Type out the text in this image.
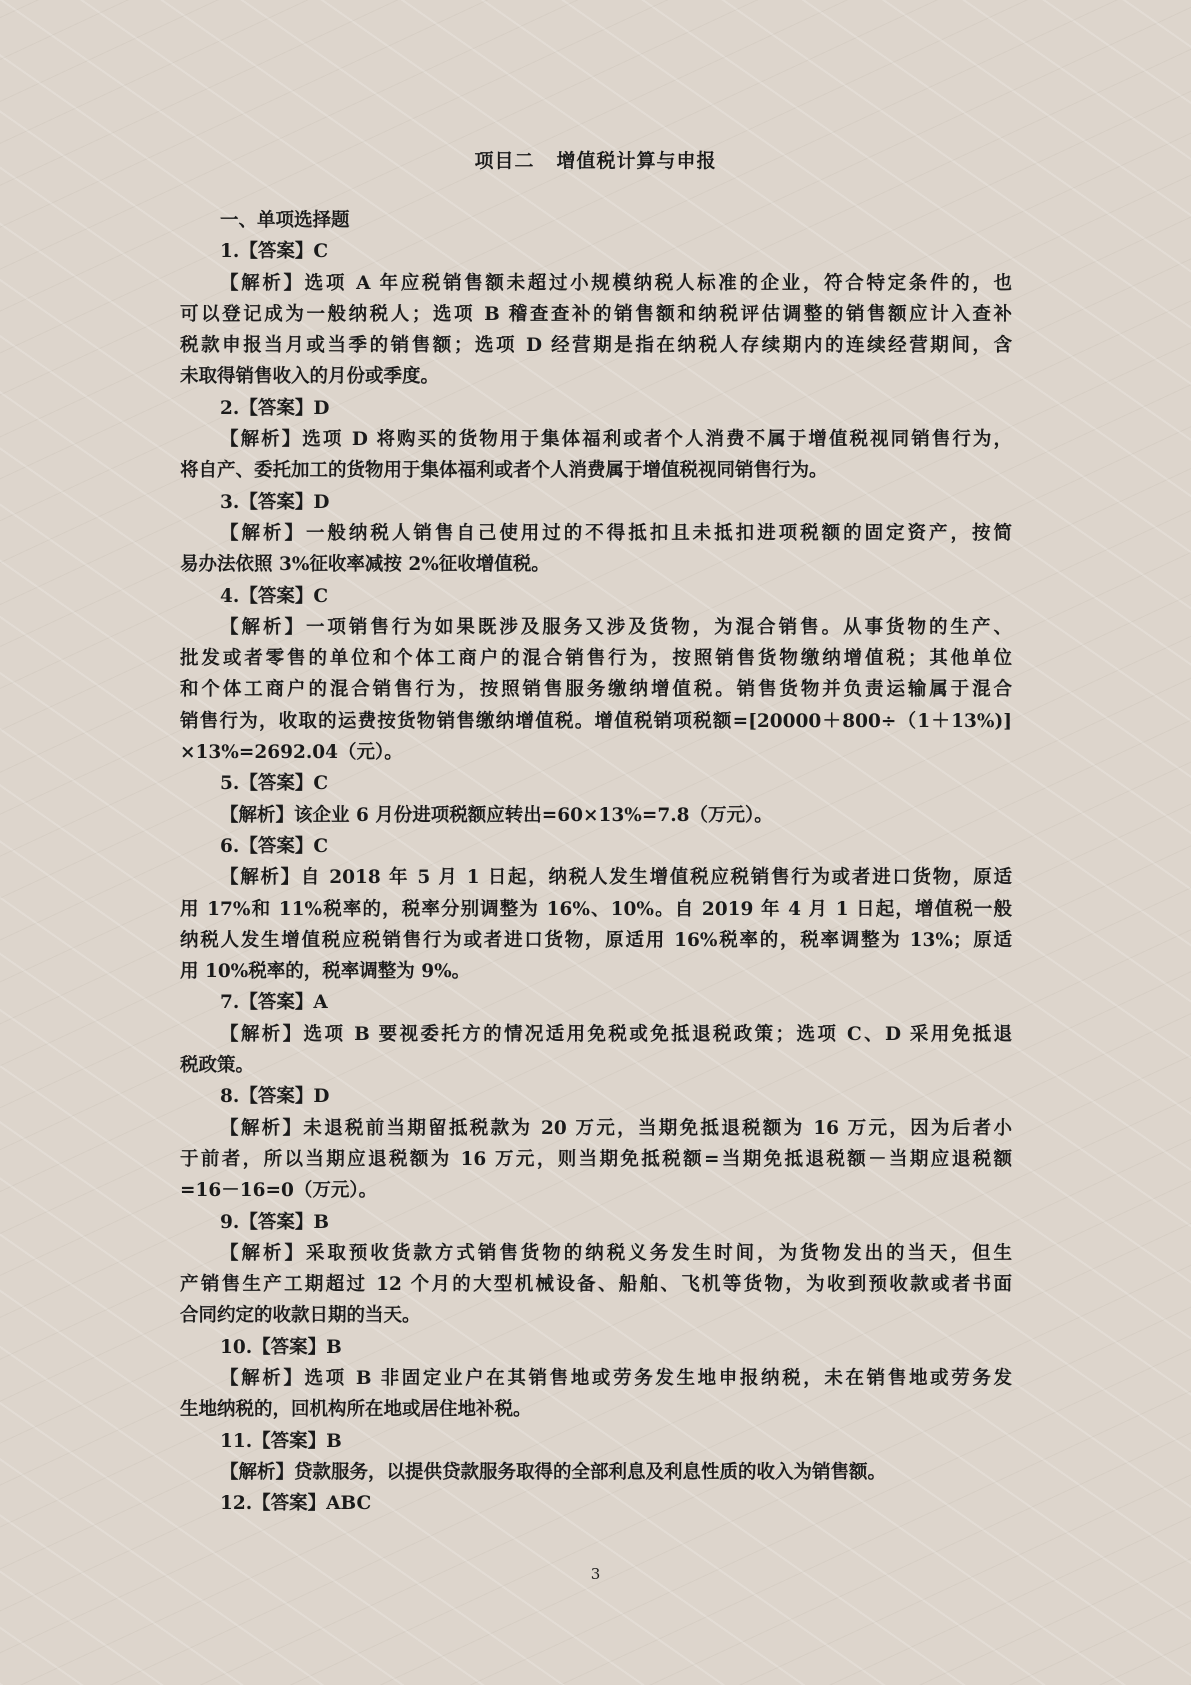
项目二 增值税计算与申报
一、单项选择题
1.【答案】C
【解析】选项 A 年应税销售额未超过小规模纳税人标准的企业，符合特定条件的，也
可以登记成为一般纳税人；选项 B 稽查查补的销售额和纳税评估调整的销售额应计入查补
税款申报当月或当季的销售额；选项 D 经营期是指在纳税人存续期内的连续经营期间，含
未取得销售收入的月份或季度。
2.【答案】D
【解析】选项 D 将购买的货物用于集体福利或者个人消费不属于增值税视同销售行为，
将自产、委托加工的货物用于集体福利或者个人消费属于增值税视同销售行为。
3.【答案】D
【解析】一般纳税人销售自己使用过的不得抵扣且未抵扣进项税额的固定资产，按简
易办法依照 3%征收率减按 2%征收增值税。
4.【答案】C
【解析】一项销售行为如果既涉及服务又涉及货物，为混合销售。从事货物的生产、
批发或者零售的单位和个体工商户的混合销售行为，按照销售货物缴纳增值税；其他单位
和个体工商户的混合销售行为，按照销售服务缴纳增值税。销售货物并负责运输属于混合
销售行为，收取的运费按货物销售缴纳增值税。增值税销项税额=[20000＋800÷（1＋13%)]
×13%=2692.04（元）。
5.【答案】C
【解析】该企业 6 月份进项税额应转出=60×13%=7.8（万元）。
6.【答案】C
【解析】自 2018 年 5 月 1 日起，纳税人发生增值税应税销售行为或者进口货物，原适
用 17%和 11%税率的，税率分别调整为 16%、10%。自 2019 年 4 月 1 日起，增值税一般
纳税人发生增值税应税销售行为或者进口货物，原适用 16%税率的，税率调整为 13%；原适
用 10%税率的，税率调整为 9%。
7.【答案】A
【解析】选项 B 要视委托方的情况适用免税或免抵退税政策；选项 C、D 采用免抵退
税政策。
8.【答案】D
【解析】未退税前当期留抵税款为 20 万元，当期免抵退税额为 16 万元，因为后者小
于前者，所以当期应退税额为 16 万元，则当期免抵税额=当期免抵退税额－当期应退税额
=16－16=0（万元）。
9.【答案】B
【解析】采取预收货款方式销售货物的纳税义务发生时间，为货物发出的当天，但生
产销售生产工期超过 12 个月的大型机械设备、船舶、飞机等货物，为收到预收款或者书面
合同约定的收款日期的当天。
10.【答案】B
【解析】选项 B 非固定业户在其销售地或劳务发生地申报纳税，未在销售地或劳务发
生地纳税的，回机构所在地或居住地补税。
11.【答案】B
【解析】贷款服务，以提供贷款服务取得的全部利息及利息性质的收入为销售额。
12.【答案】ABC
3
